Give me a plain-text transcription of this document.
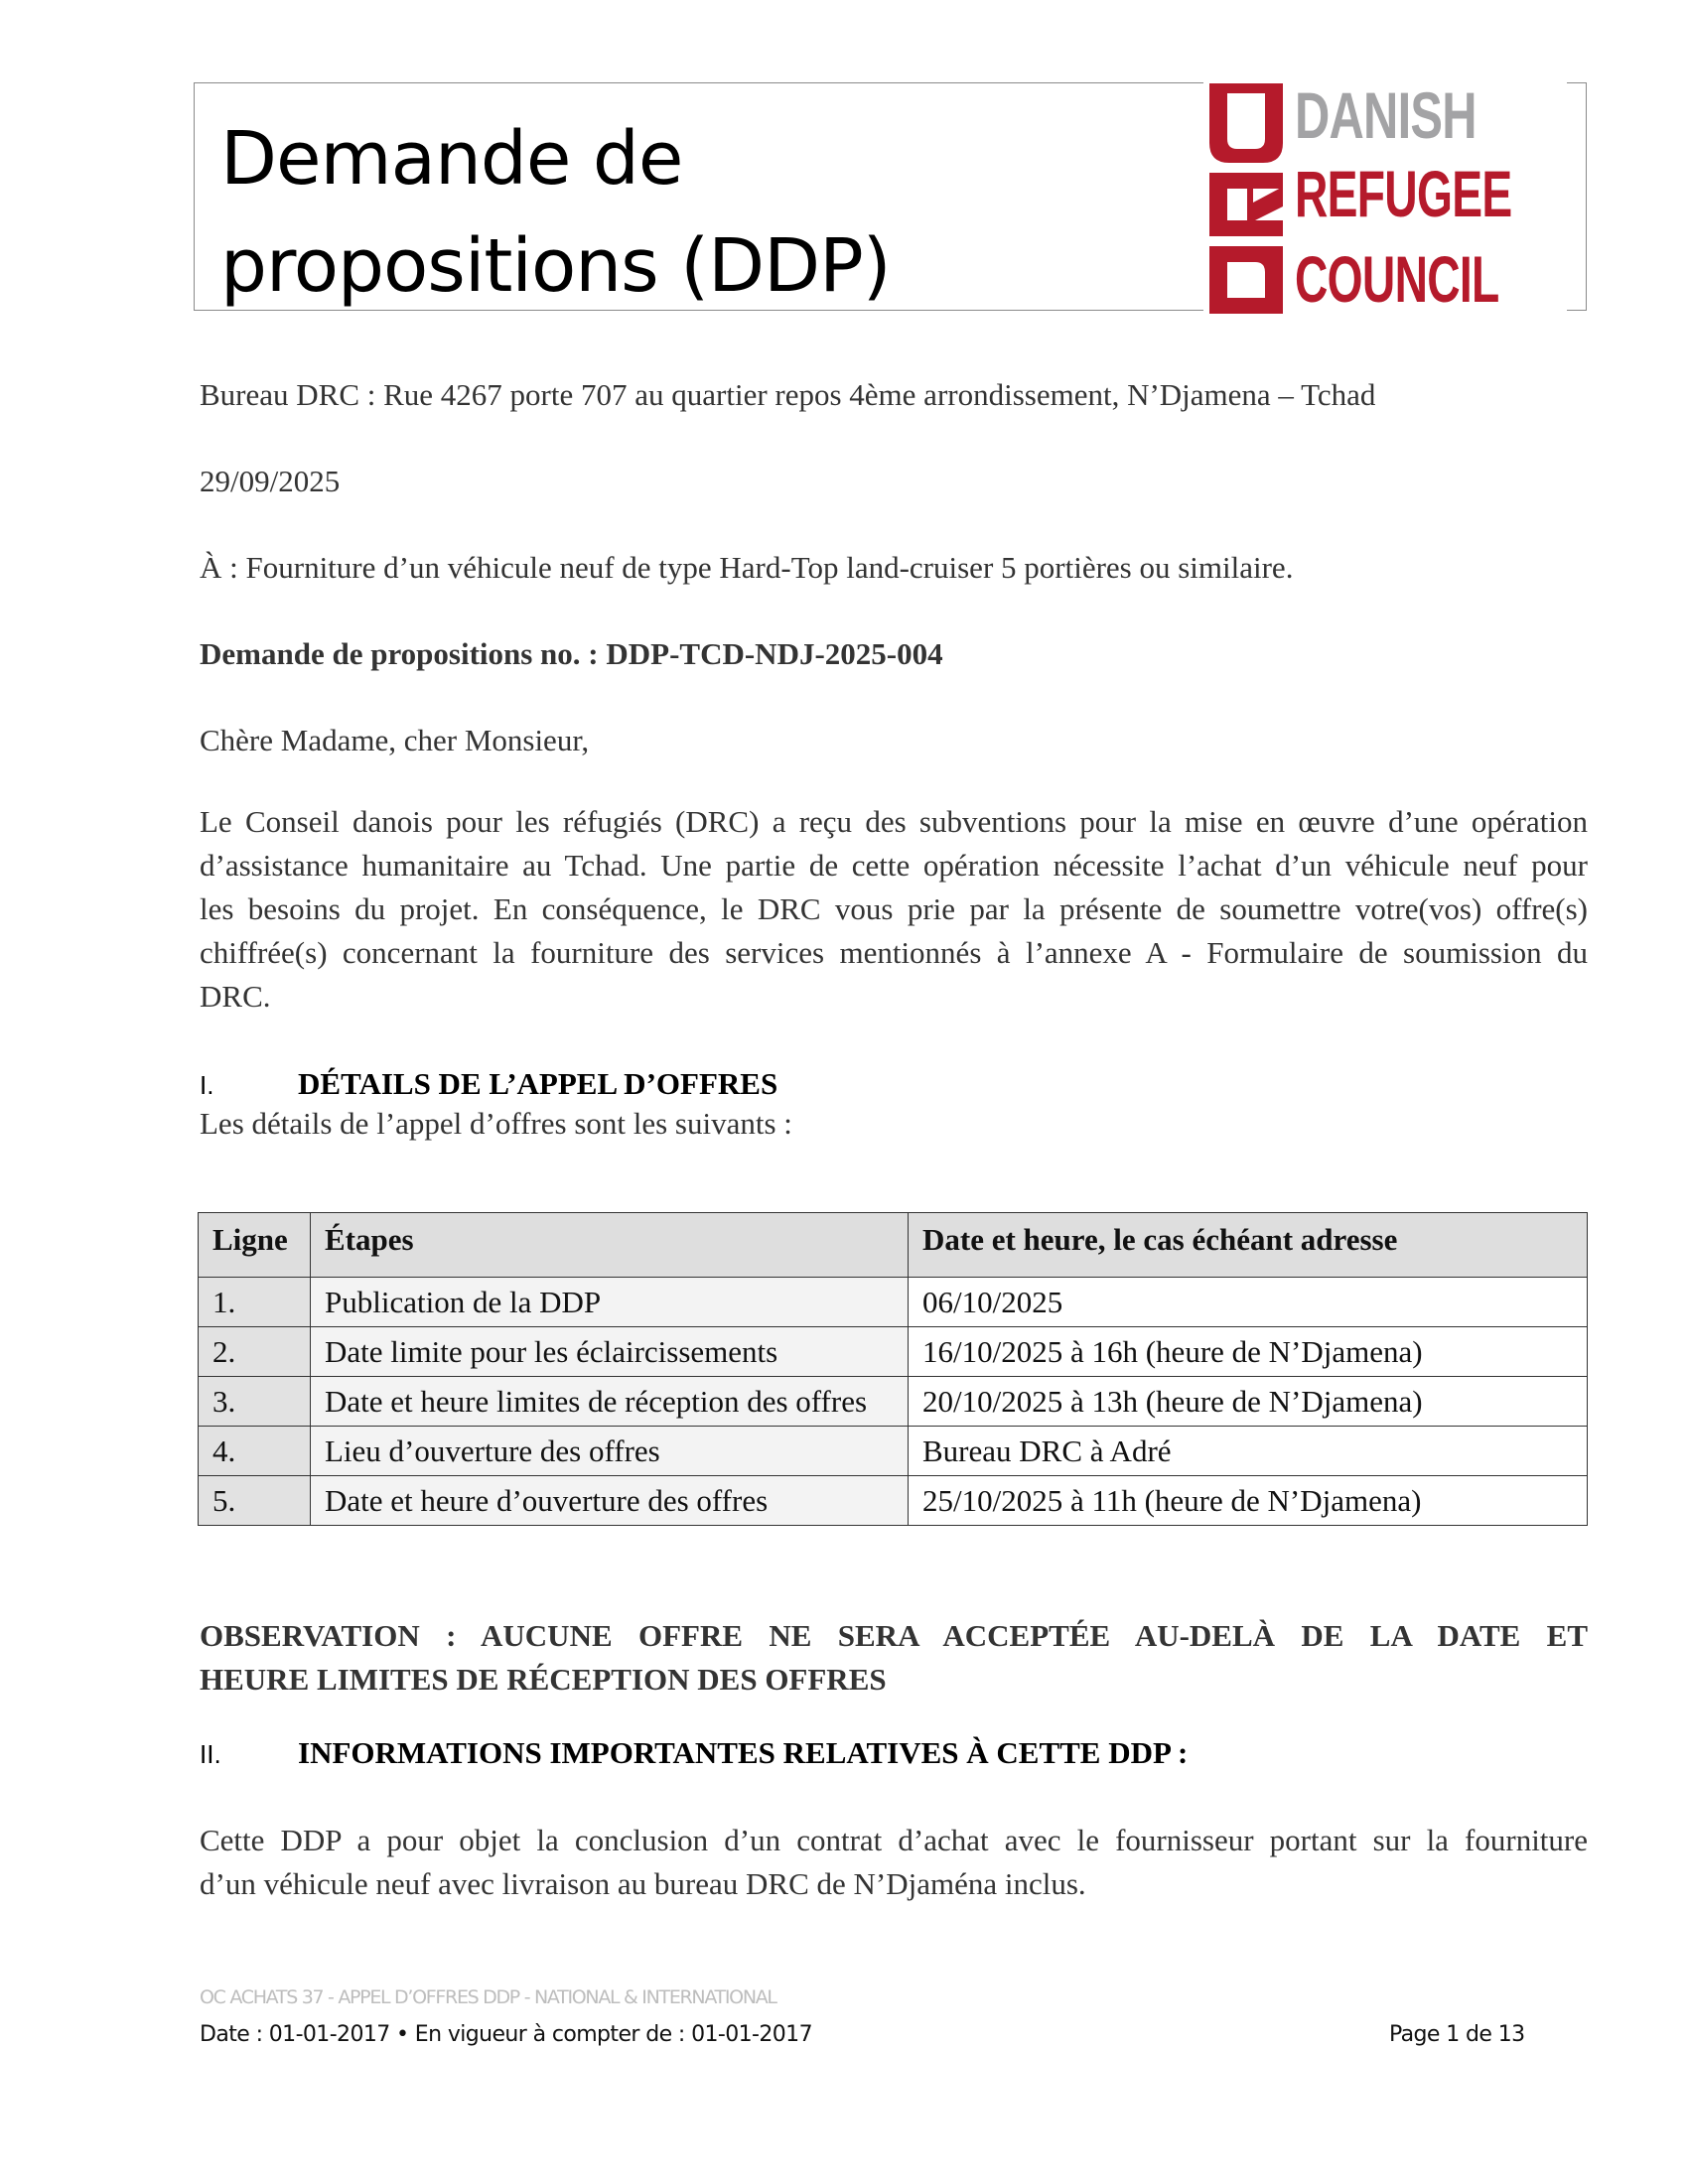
Demande de
propositions (DDP)
DANISH
REFUGEE
COUNCIL
Bureau DRC : Rue 4267 porte 707 au quartier repos 4ème arrondissement, N’Djamena – Tchad
29/09/2025
À : Fourniture d’un véhicule neuf de type Hard-Top land-cruiser 5 portières ou similaire.
Demande de propositions no. : DDP-TCD-NDJ-2025-004
Chère Madame, cher Monsieur,
Le Conseil danois pour les réfugiés (DRC) a reçu des subventions pour la mise en œuvre d’une opération
d’assistance humanitaire au Tchad. Une partie de cette opération nécessite l’achat d’un véhicule neuf pour
les besoins du projet. En conséquence, le DRC vous prie par la présente de soumettre votre(vos) offre(s)
chiffrée(s) concernant la fourniture des services mentionnés à l’annexe A - Formulaire de soumission du
DRC.
I.	DÉTAILS DE L’APPEL D’OFFRES
Les détails de l’appel d’offres sont les suivants :
Ligne	Étapes	Date et heure, le cas échéant adresse
1.	Publication de la DDP	06/10/2025
2.	Date limite pour les éclaircissements	16/10/2025 à 16h (heure de N’Djamena)
3.	Date et heure limites de réception des offres	20/10/2025 à 13h (heure de N’Djamena)
4.	Lieu d’ouverture des offres	Bureau DRC à Adré
5.	Date et heure d’ouverture des offres	25/10/2025 à 11h (heure de N’Djamena)
OBSERVATION : AUCUNE OFFRE NE SERA ACCEPTÉE AU-DELÀ DE LA DATE ET
HEURE LIMITES DE RÉCEPTION DES OFFRES
II. INFORMATIONS IMPORTANTES RELATIVES À CETTE DDP :
Cette DDP a pour objet la conclusion d’un contrat d’achat avec le fournisseur portant sur la fourniture
d’un véhicule neuf avec livraison au bureau DRC de N’Djaména inclus.
OC ACHATS 37 - APPEL D’OFFRES DDP - NATIONAL & INTERNATIONAL
Date : 01-01-2017 • En vigueur à compter de : 01-01-2017	Page 1 de 13
